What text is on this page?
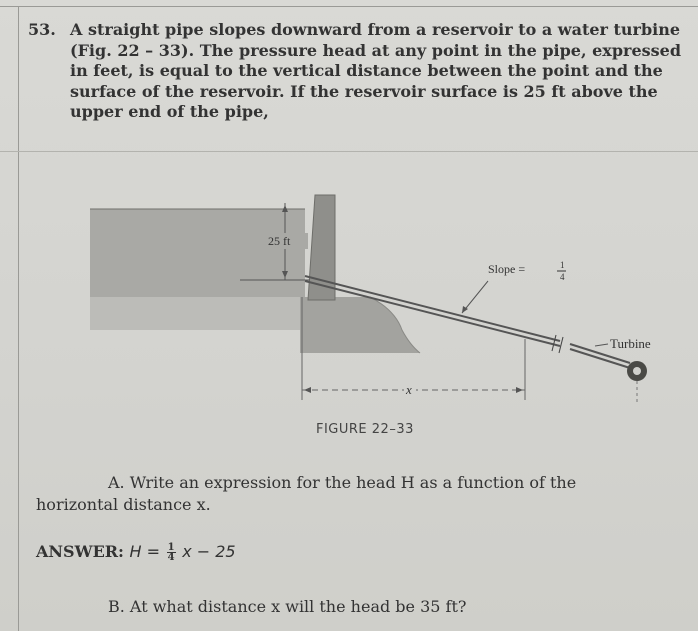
53. A straight pipe slopes downward from a reservoir to a water turbine
(Fig. 22 – 33). The pressure head at any point in the pipe, expressed
in feet, is equal to the vertical distance between the point and the
surface of the reservoir. If the reservoir surface is 25 ft above the
upper end of the pipe,
25 ft
Turbine
Slope =	1
4
x
FIGURE 22–33
A. Write an expression for the head H as a function of the
horizontal distance x.
ANSWER: $H = \frac{1}{4}$ x − 25
B. At what distance x will the head be 35 ft?
